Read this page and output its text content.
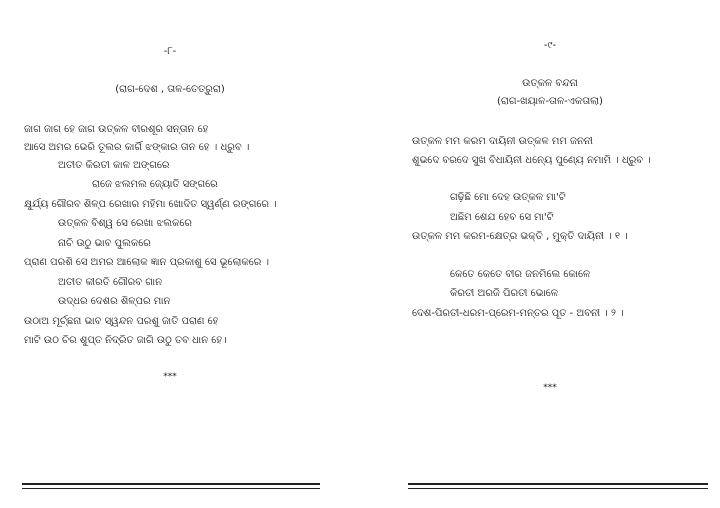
-୮-
(ରାଗ-ଦେଶ , ତାଳ-ତେତ୍ରୁରା)
ଜାଗ ଜାଗ ହେ ଜାଗ ଉତ୍କଳ ବୀରଶୂର ସନ୍ତାନ ହେ
ଆସେ ଅମର ଭେରି ତୂଲର କାର୍ଗି ଝଙ୍କାର ତାନ ହେ । ଧ୍ରୁବ ।
ଅତୀତ କିରତୀ କାଳ ଅଙ୍ଗରେ
ରାଜେ ଝଲମଲ ଜ୍ୟୋତି ସଙ୍ଗରେ
କ୍ଷୁର୍ଯ୍ୟ ଗୌରବ ଶିଳ୍ପ ରେଖାର ମହିମା ଖୋଦିତ ସ୍ୱର୍ଣ୍ଣ ରଙ୍ଗରେ ।
ଉତ୍କଳ ବିଶ୍ୱ ସେ ରେଖା ଝଲକରେ
ନାଚି ଉଠୁ ଭାବ ପୁଲକରେ
ପ୍ରାଣ ପରଶି ସେ ଅମର ଆଲୋକ ଜ୍ଞାନ ପ୍ରକାଶୁ ସେ ଭୂଲୋକରେ ।
ଅତୀତ କୀରତି ଗୌରବ ଗାନ
ଉଦ୍ଧର ଦେଶର ଶିଳ୍ପର ମାନ
ଉଠାଅ ମୂର୍ଚ୍ଛନା ଭାବ ସ୍ୱନ୍ଦନ ପରଶୁ ଜାତି ପରାଣ ହେ
ମାଟି ଉଠ ଚିର ଶୁପ୍ତ ନିଦ୍ରିତ ଜାଗି ଉଠୁ ତବ ଧାନ ହେ।
***
-୯-
ଉତ୍କଳ ବନ୍ଦନା
(ରାଗ-ଖୟାଳ-ତାଳ-ଏକତାଲା)
ଉତ୍କଳ ମମ କରମ ଦାୟିନୀ ଉତ୍କଳ ମମ ଜନନୀ
ଶୁଭଦେ ବରଦେ ସୁଖ ବିଧାୟିନୀ ଧନ୍ୟେ ପୁଣ୍ୟେ ନମାମି । ଧ୍ରୁବ ।
ଗଢ଼ିଛି ମୋ ଦେହ ଉତ୍କଳ ମା'ଟି
ଅଛିମ ଶେଯ ହେବ ସେ ମା'ଟି
ଉତ୍କଳ ମମ କରମ-କ୍ଷେତ୍ର ଭକ୍ତି , ମୁକ୍ତି ଦାୟିନୀ । ୧ ।
କେତେ କେତେ ବୀର ଜନମିଲେ କୋଳେ
କିରତୀ ଅରଜି ପିରତୀ ଭୋଳେ
ଦେଶ-ପିରତୀ-ଧରମ-ପ୍ରେମ-ମନ୍ତର ପୂତ - ଅବନୀ । ୨ ।
***
